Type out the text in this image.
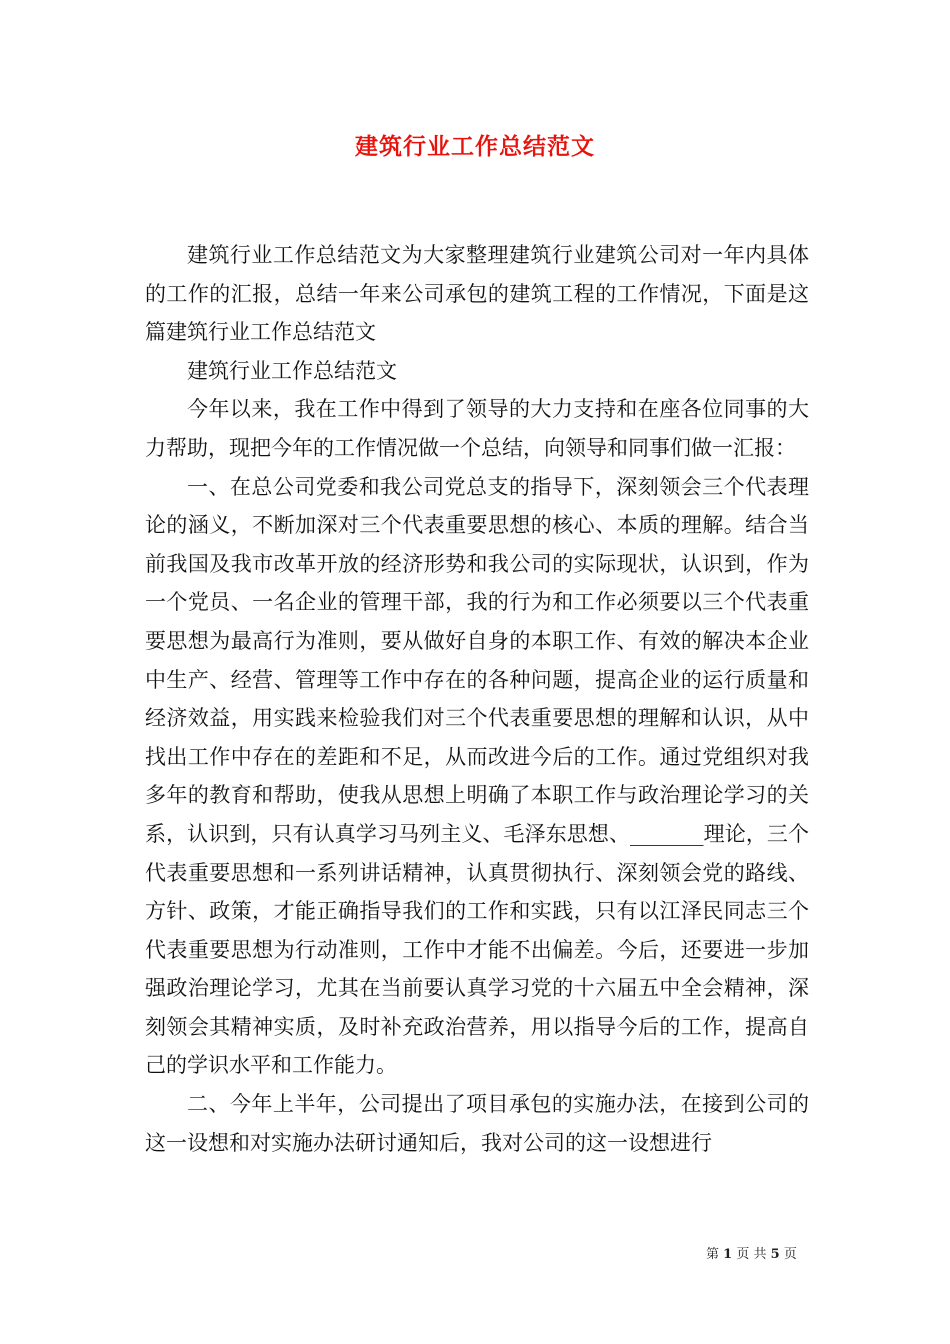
建筑行业工作总结范文

建筑行业工作总结范文为大家整理建筑行业建筑公司对一年内具体的工作的汇报，总结一年来公司承包的建筑工程的工作情况，下面是这篇建筑行业工作总结范文

建筑行业工作总结范文

今年以来，我在工作中得到了领导的大力支持和在座各位同事的大力帮助，现把今年的工作情况做一个总结，向领导和同事们做一汇报：

一、在总公司党委和我公司党总支的指导下，深刻领会三个代表理论的涵义，不断加深对三个代表重要思想的核心、本质的理解。结合当前我国及我市改革开放的经济形势和我公司的实际现状，认识到，作为一个党员、一名企业的管理干部，我的行为和工作必须要以三个代表重要思想为最高行为准则，要从做好自身的本职工作、有效的解决本企业中生产、经营、管理等工作中存在的各种问题，提高企业的运行质量和经济效益，用实践来检验我们对三个代表重要思想的理解和认识，从中找出工作中存在的差距和不足，从而改进今后的工作。通过党组织对我多年的教育和帮助，使我从思想上明确了本职工作与政治理论学习的关系，认识到，只有认真学习马列主义、毛泽东思想、_______理论，三个代表重要思想和一系列讲话精神，认真贯彻执行、深刻领会党的路线、方针、政策，才能正确指导我们的工作和实践，只有以江泽民同志三个代表重要思想为行动准则，工作中才能不出偏差。今后，还要进一步加强政治理论学习，尤其在当前要认真学习党的十六届五中全会精神，深刻领会其精神实质，及时补充政治营养，用以指导今后的工作，提高自己的学识水平和工作能力。

二、今年上半年，公司提出了项目承包的实施办法，在接到公司的这一设想和对实施办法研讨通知后，我对公司的这一设想进行

第 1 页 共 5 页
